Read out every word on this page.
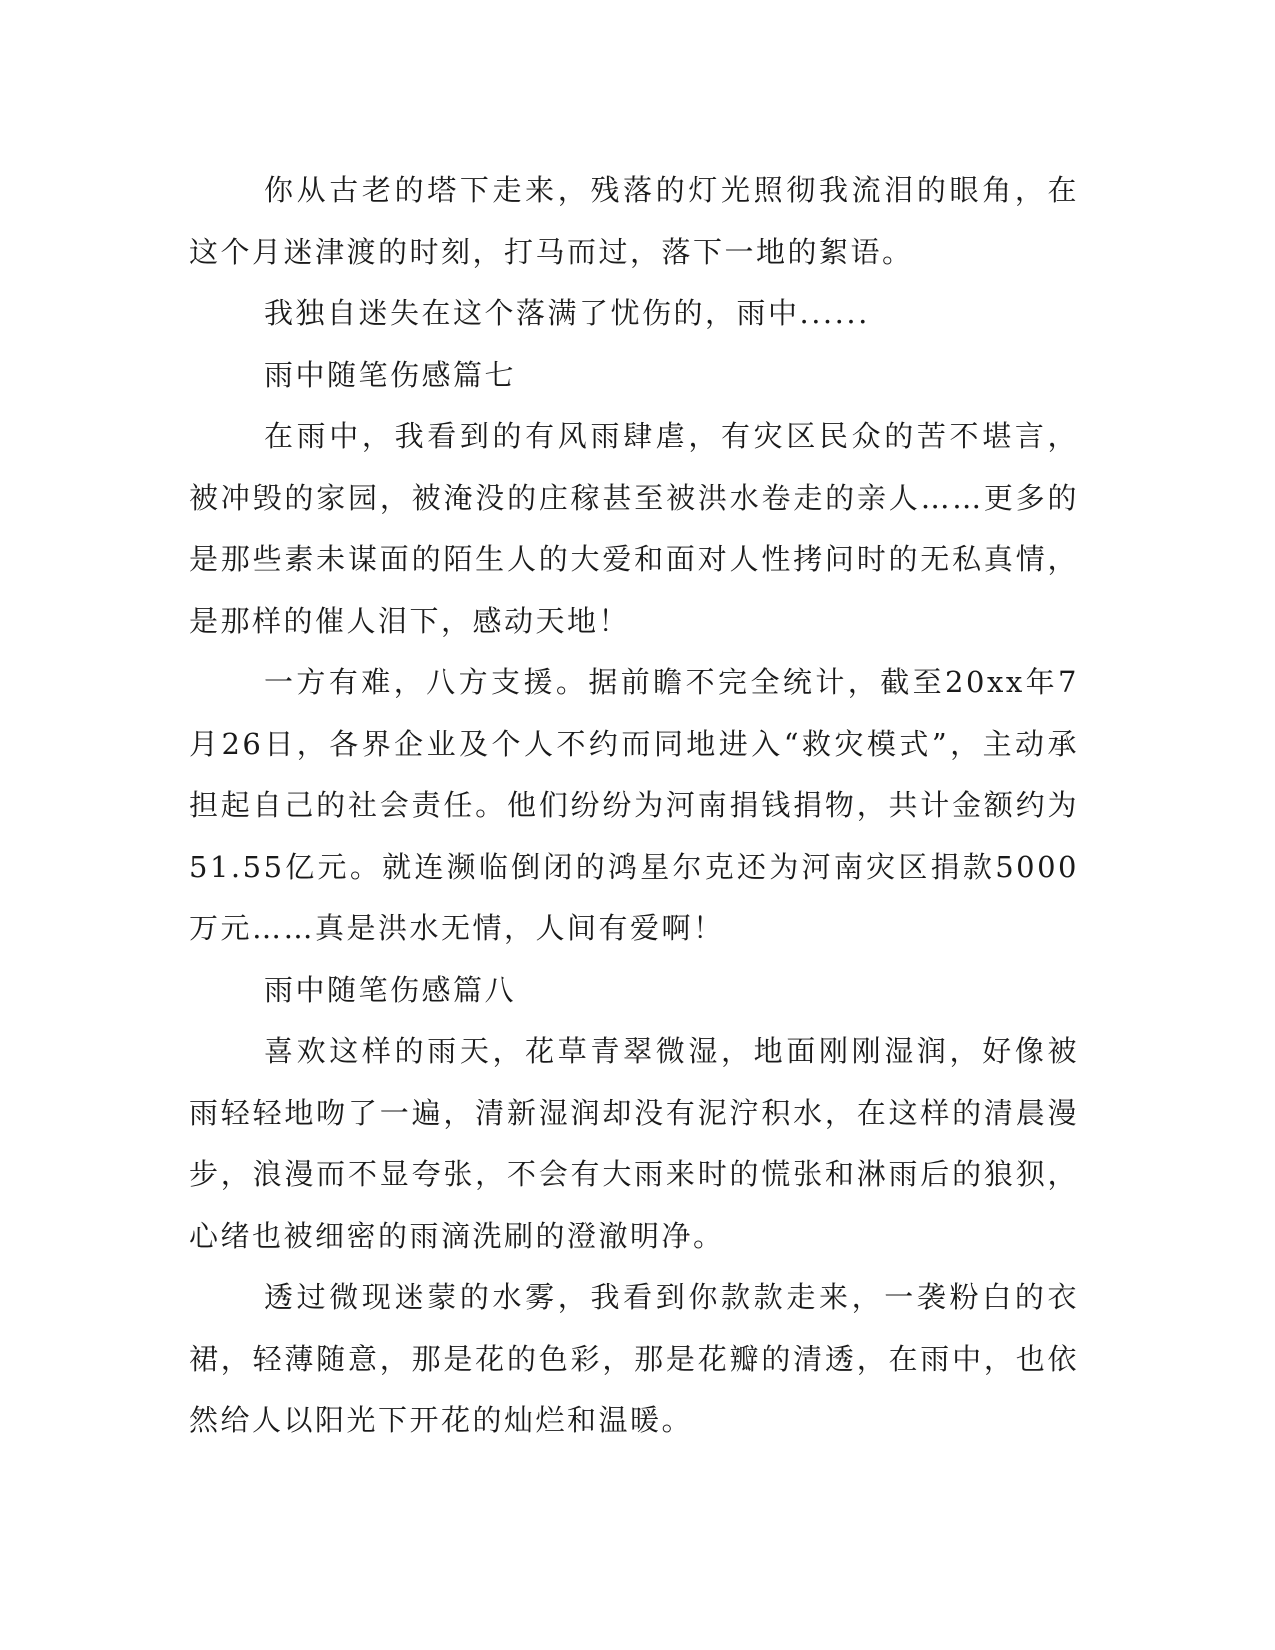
你从古老的塔下走来，残落的灯光照彻我流泪的眼角，在这个月迷津渡的时刻，打马而过，落下一地的絮语。

我独自迷失在这个落满了忧伤的，雨中......

雨中随笔伤感篇七

在雨中，我看到的有风雨肆虐，有灾区民众的苦不堪言，被冲毁的家园，被淹没的庄稼甚至被洪水卷走的亲人……更多的是那些素未谋面的陌生人的大爱和面对人性拷问时的无私真情，是那样的催人泪下，感动天地！

一方有难，八方支援。据前瞻不完全统计，截至20xx年7月26日，各界企业及个人不约而同地进入“救灾模式”，主动承担起自己的社会责任。他们纷纷为河南捐钱捐物，共计金额约为51.55亿元。就连濒临倒闭的鸿星尔克还为河南灾区捐款5000万元……真是洪水无情，人间有爱啊！

雨中随笔伤感篇八

喜欢这样的雨天，花草青翠微湿，地面刚刚湿润，好像被雨轻轻地吻了一遍，清新湿润却没有泥泞积水，在这样的清晨漫步，浪漫而不显夸张，不会有大雨来时的慌张和淋雨后的狼狈，心绪也被细密的雨滴洗刷的澄澈明净。

透过微现迷蒙的水雾，我看到你款款走来，一袭粉白的衣裙，轻薄随意，那是花的色彩，那是花瓣的清透，在雨中，也依然给人以阳光下开花的灿烂和温暖。
